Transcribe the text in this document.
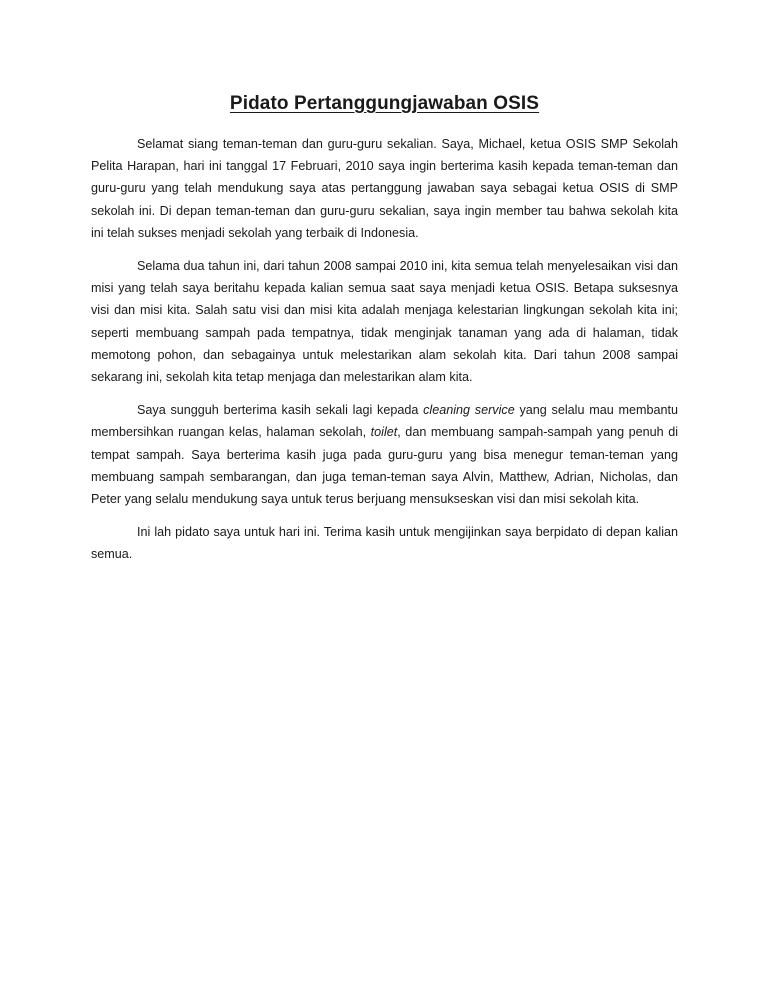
Pidato Pertanggungjawaban OSIS

Selamat siang teman-teman dan guru-guru sekalian. Saya, Michael, ketua OSIS SMP Sekolah Pelita Harapan, hari ini tanggal 17 Februari, 2010 saya ingin berterima kasih kepada teman-teman dan guru-guru yang telah mendukung saya atas pertanggung jawaban saya sebagai ketua OSIS di SMP sekolah ini. Di depan teman-teman dan guru-guru sekalian, saya ingin member tau bahwa sekolah kita ini telah sukses menjadi sekolah yang terbaik di Indonesia.

Selama dua tahun ini, dari tahun 2008 sampai 2010 ini, kita semua telah menyelesaikan visi dan misi yang telah saya beritahu kepada kalian semua saat saya menjadi ketua OSIS. Betapa suksesnya visi dan misi kita. Salah satu visi dan misi kita adalah menjaga kelestarian lingkungan sekolah kita ini; seperti membuang sampah pada tempatnya, tidak menginjak tanaman yang ada di halaman, tidak memotong pohon, dan sebagainya untuk melestarikan alam sekolah kita. Dari tahun 2008 sampai sekarang ini, sekolah kita tetap menjaga dan melestarikan alam kita.

Saya sungguh berterima kasih sekali lagi kepada cleaning service yang selalu mau membantu membersihkan ruangan kelas, halaman sekolah, toilet, dan membuang sampah-sampah yang penuh di tempat sampah. Saya berterima kasih juga pada guru-guru yang bisa menegur teman-teman yang membuang sampah sembarangan, dan juga teman-teman saya Alvin, Matthew, Adrian, Nicholas, dan Peter yang selalu mendukung saya untuk terus berjuang mensukseskan visi dan misi sekolah kita.

Ini lah pidato saya untuk hari ini. Terima kasih untuk mengijinkan saya berpidato di depan kalian semua.
